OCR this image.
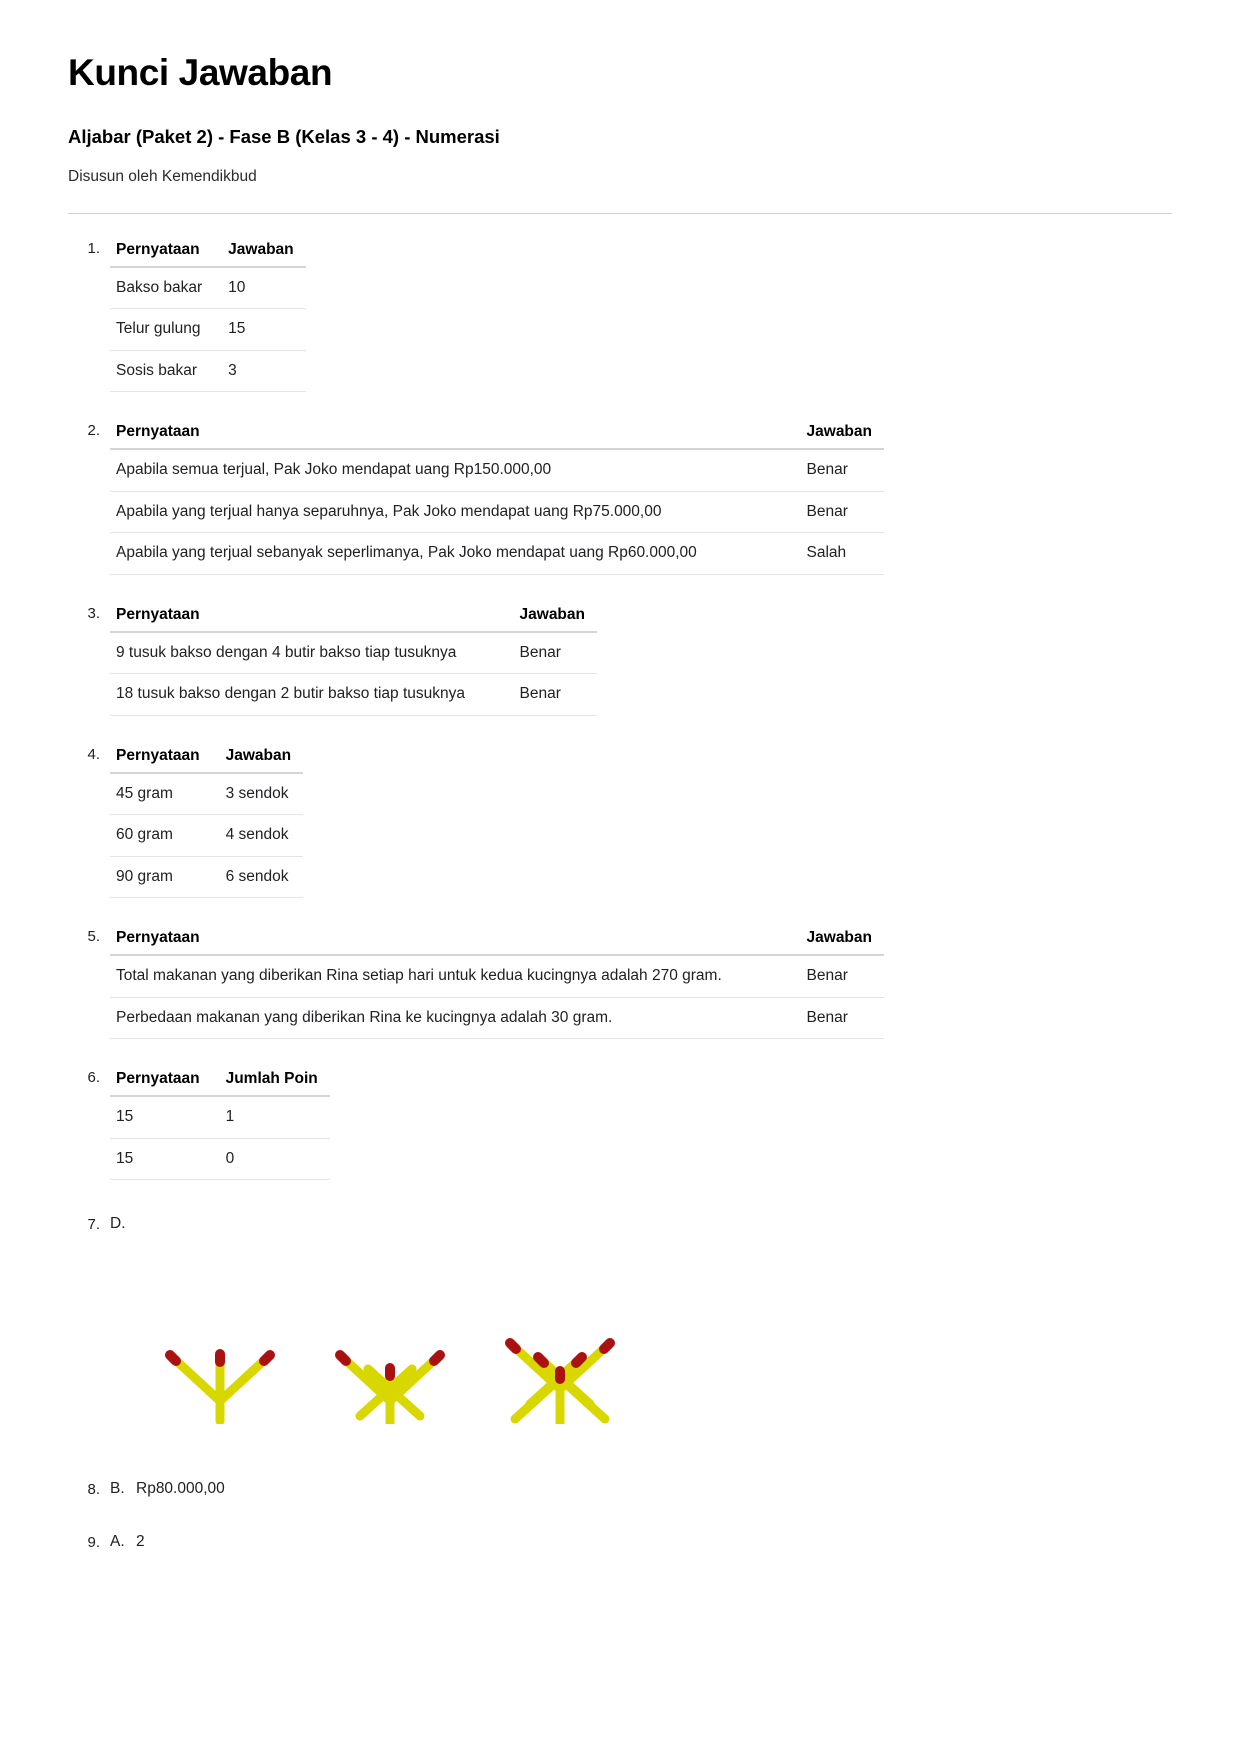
Kunci Jawaban
Aljabar (Paket 2) - Fase B (Kelas 3 - 4) - Numerasi
Disusun oleh Kemendikbud
1.	Pernyataan	Jawaban
Bakso bakar	10
Telur gulung	15
Sosis bakar	3
2.	Pernyataan	Jawaban
Apabila semua terjual, Pak Joko mendapat uang Rp150.000,00	Benar
Apabila yang terjual hanya separuhnya, Pak Joko mendapat uang Rp75.000,00	Benar
Apabila yang terjual sebanyak seperlimanya, Pak Joko mendapat uang Rp60.000,00	Salah
3.	Pernyataan	Jawaban
9 tusuk bakso dengan 4 butir bakso tiap tusuknya	Benar
18 tusuk bakso dengan 2 butir bakso tiap tusuknya	Benar
4.	Pernyataan	Jawaban
45 gram	3 sendok
60 gram	4 sendok
90 gram	6 sendok
5.	Pernyataan	Jawaban
Total makanan yang diberikan Rina setiap hari untuk kedua kucingnya adalah 270 gram.	Benar
Perbedaan makanan yang diberikan Rina ke kucingnya adalah 30 gram.	Benar
6.	Pernyataan	Jumlah Poin
15	1
15	0
7. D.
8. B. Rp80.000,00
9. A. 2
